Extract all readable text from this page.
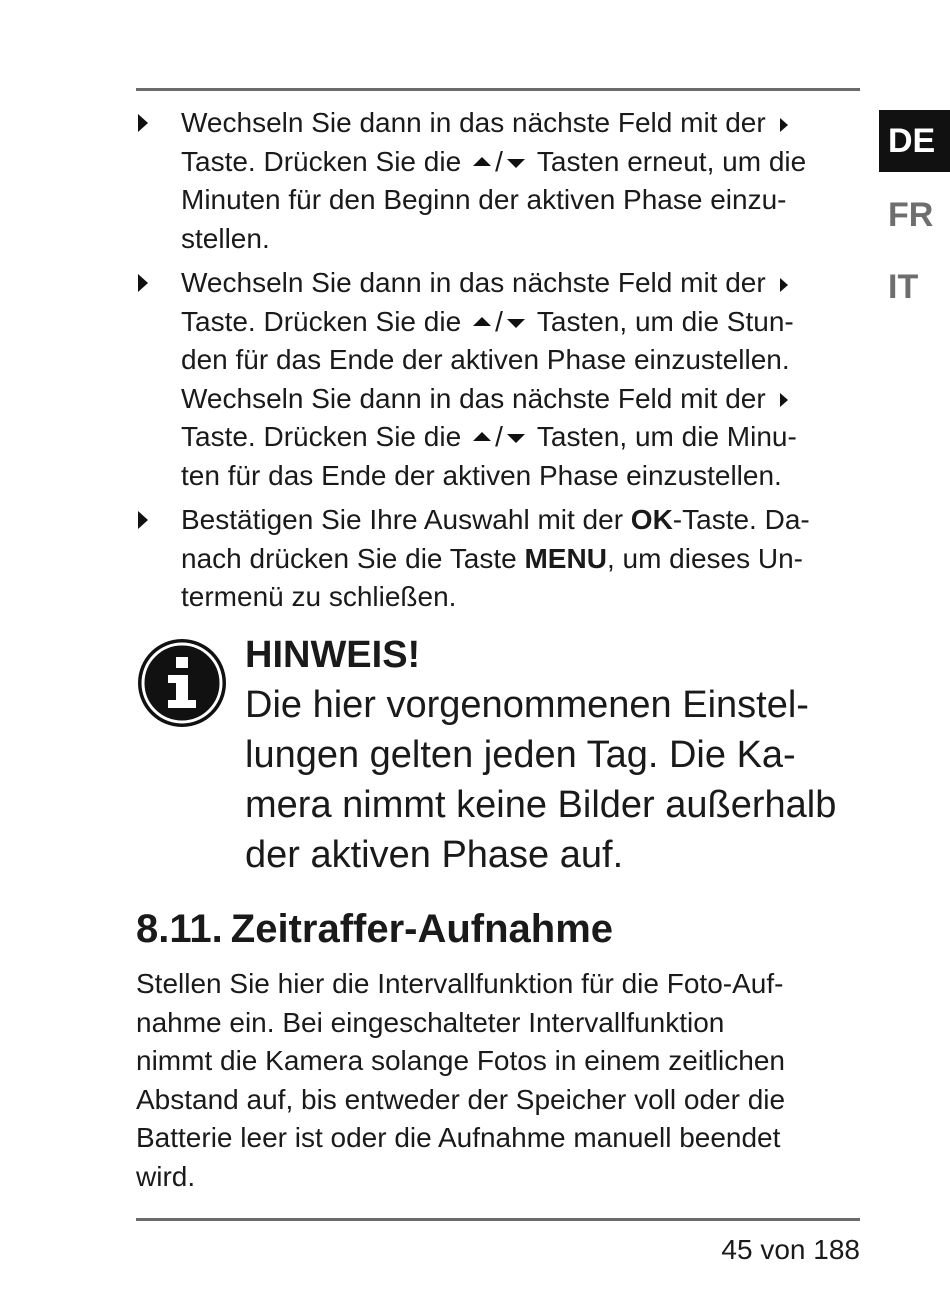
DE
FR
IT
Wechseln Sie dann in das nächste Feld mit der
Taste. Drücken Sie die / Tasten erneut, um die
Minuten für den Beginn der aktiven Phase einzu-
stellen.
Wechseln Sie dann in das nächste Feld mit der
Taste. Drücken Sie die / Tasten, um die Stun-
den für das Ende der aktiven Phase einzustellen.
Wechseln Sie dann in das nächste Feld mit der
Taste. Drücken Sie die / Tasten, um die Minu-
ten für das Ende der aktiven Phase einzustellen.
Bestätigen Sie Ihre Auswahl mit der OK-Taste. Da-
nach drücken Sie die Taste MENU, um dieses Un-
termenü zu schließen.
HINWEIS!
Die hier vorgenommenen Einstel-
lungen gelten jeden Tag. Die Ka-
mera nimmt keine Bilder außerhalb
der aktiven Phase auf.
8.11. Zeitraffer-Aufnahme
Stellen Sie hier die Intervallfunktion für die Foto-Auf-
nahme ein. Bei eingeschalteter Intervallfunktion
nimmt die Kamera solange Fotos in einem zeitlichen
Abstand auf, bis entweder der Speicher voll oder die
Batterie leer ist oder die Aufnahme manuell beendet
wird.
45 von 188
